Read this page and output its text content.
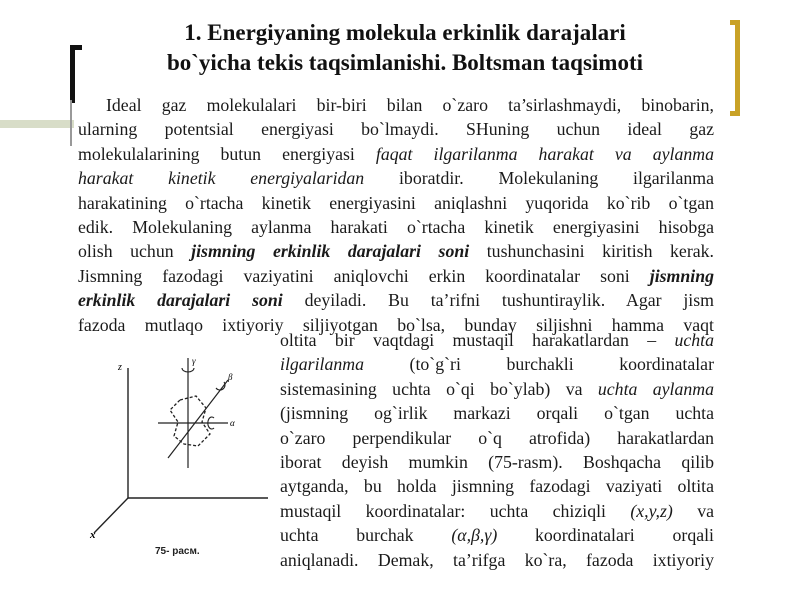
1. Energiyaning molekula erkinlik darajalari
bo`yicha tekis taqsimlanishi. Boltsman taqsimoti
Ideal gaz molekulalari bir-biri bilan o`zaro ta’sirlashmaydi, binobarin,
ularning potentsial energiyasi bo`lmaydi. SHuning uchun ideal gaz
molekulalarining butun energiyasi faqat ilgarilanma harakat va aylanma
harakat kinetik energiyalaridan iboratdir. Molekulaning ilgarilanma
harakatining o`rtacha kinetik energiyasini aniqlashni yuqorida ko`rib o`tgan
edik. Molekulaning aylanma harakati o`rtacha kinetik energiyasini hisobga
olish uchun jismning erkinlik darajalari soni tushunchasini kiritish kerak.
Jismning fazodagi vaziyatini aniqlovchi erkin koordinatalar soni jismning
erkinlik darajalari soni deyiladi. Bu ta’rifni tushuntiraylik. Agar jism
fazoda mutlaqo ixtiyoriy siljiyotgan bo`lsa, bunday siljishni hamma vaqt
oltita bir vaqtdagi mustaqil harakatlardan – uchta
ilgarilanma (to`g`ri burchakli koordinatalar
sistemasining uchta o`qi bo`ylab) va uchta aylanma
(jismning og`irlik markazi orqali o`tgan uchta
o`zaro perpendikular o`q atrofida) harakatlardan
iborat deyish mumkin (75-rasm). Boshqacha qilib
aytganda, bu holda jismning fazodagi vaziyati oltita
mustaqil koordinatalar: uchta chiziqli (x,y,z) va
uchta burchak (α,β,γ) koordinatalari orqali
aniqlanadi. Demak, ta’rifga ko`ra, fazoda ixtiyoriy
z
x
γ
β
α
75- расм.
